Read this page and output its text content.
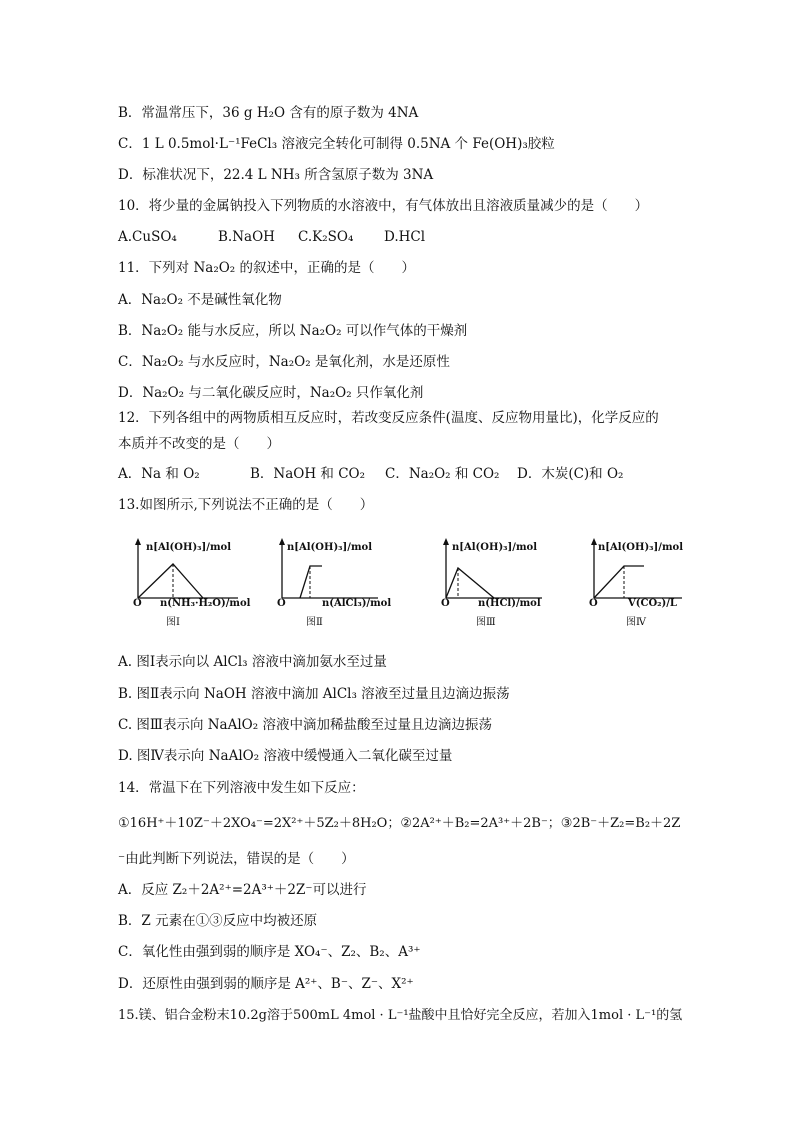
B．常温常压下，36 g H₂O 含有的原子数为 4NA
C．1 L 0.5mol·L⁻¹FeCl₃ 溶液完全转化可制得 0.5NA 个 Fe(OH)₃胶粒
D．标准状况下，22.4 L NH₃ 所含氢原子数为 3NA
10．将少量的金属钠投入下列物质的水溶液中，有气体放出且溶液质量减少的是（　　）
A.CuSO₄	B.NaOH C.K₂SO₄ D.HCl
11．下列对 Na₂O₂ 的叙述中，正确的是（　　）
A．Na₂O₂ 不是碱性氧化物
B．Na₂O₂ 能与水反应，所以 Na₂O₂ 可以作气体的干燥剂
C．Na₂O₂ 与水反应时，Na₂O₂ 是氧化剂，水是还原性
D．Na₂O₂ 与二氧化碳反应时，Na₂O₂ 只作氧化剂
12．下列各组中的两物质相互反应时，若改变反应条件(温度、反应物用量比)，化学反应的
本质并不改变的是（　　）
A．Na 和 O₂	B．NaOH 和 CO₂ C．Na₂O₂ 和 CO₂ D．木炭(C)和 O₂
13.如图所示,下列说法不正确的是（　　）
n[Al(OH)₃]/mol
O n(NH₃·H₂O)/mol
图Ⅰ
n[Al(OH)₃]/mol
O	n(AlCl₃)/mol
图Ⅱ
n[Al(OH)₃]/mol
O	n(HCl)/mol
图Ⅲ
n[Al(OH)₃]/mol
O	V(CO₂)/L
图Ⅳ
A. 图Ⅰ表示向以 AlCl₃ 溶液中滴加氨水至过量
B. 图Ⅱ表示向 NaOH 溶液中滴加 AlCl₃ 溶液至过量且边滴边振荡
C. 图Ⅲ表示向 NaAlO₂ 溶液中滴加稀盐酸至过量且边滴边振荡
D. 图Ⅳ表示向 NaAlO₂ 溶液中缓慢通入二氧化碳至过量
14．常温下在下列溶液中发生如下反应：
①16H⁺＋10Z⁻＋2XO₄⁻=2X²⁺＋5Z₂＋8H₂O；②2A²⁺＋B₂=2A³⁺＋2B⁻；③2B⁻＋Z₂=B₂＋2Z
⁻由此判断下列说法，错误的是（　　）
A．反应 Z₂＋2A²⁺=2A³⁺＋2Z⁻可以进行
B．Z 元素在①③反应中均被还原
C．氧化性由强到弱的顺序是 XO₄⁻、Z₂、B₂、A³⁺
D．还原性由强到弱的顺序是 A²⁺、B⁻、Z⁻、X²⁺
15.镁、铝合金粉末10.2g溶于500mL 4mol · L⁻¹盐酸中且恰好完全反应，若加入1mol · L⁻¹的氢
